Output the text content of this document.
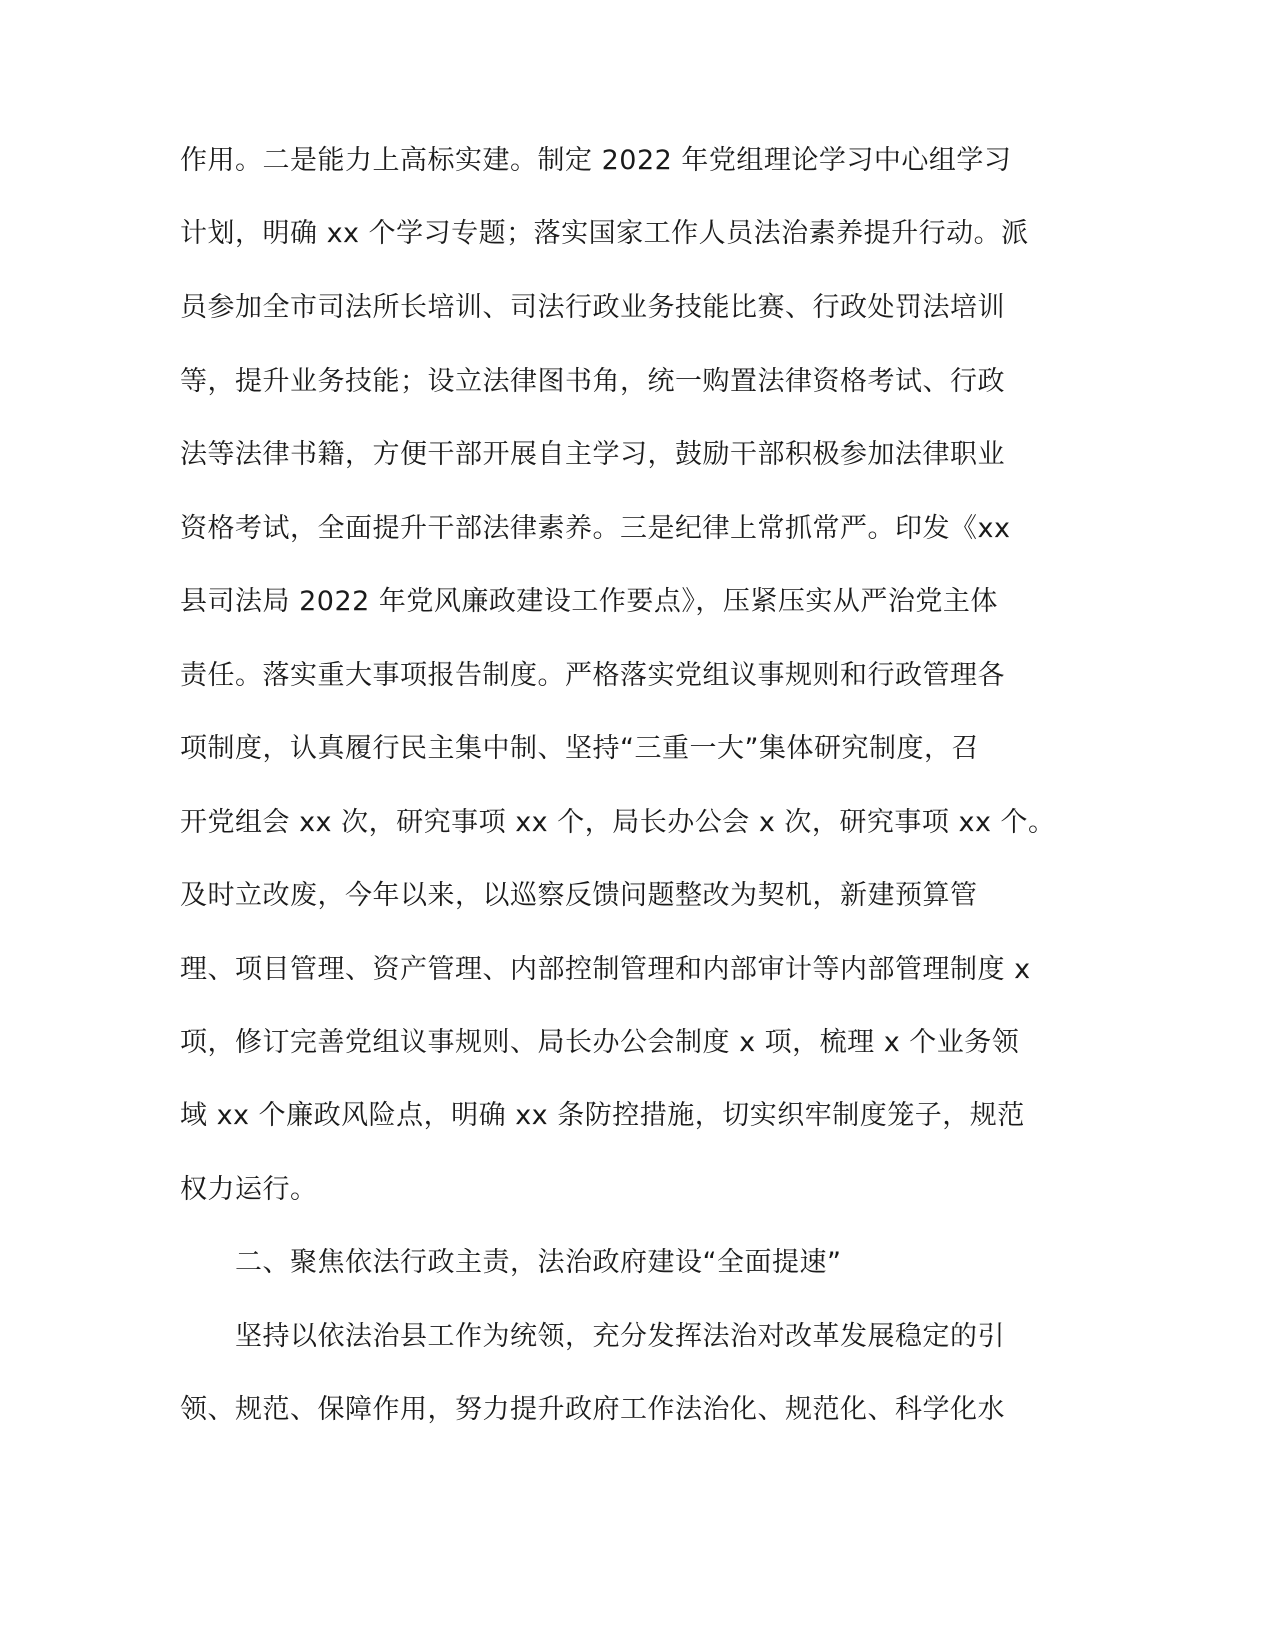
作用。二是能力上高标实建。制定 2022 年党组理论学习中心组学习
计划，明确 xx 个学习专题；落实国家工作人员法治素养提升行动。派
员参加全市司法所长培训、司法行政业务技能比赛、行政处罚法培训
等，提升业务技能；设立法律图书角，统一购置法律资格考试、行政
法等法律书籍，方便干部开展自主学习，鼓励干部积极参加法律职业
资格考试，全面提升干部法律素养。三是纪律上常抓常严。印发《xx
县司法局 2022 年党风廉政建设工作要点》，压紧压实从严治党主体
责任。落实重大事项报告制度。严格落实党组议事规则和行政管理各
项制度，认真履行民主集中制、坚持“三重一大”集体研究制度，召
开党组会 xx 次，研究事项 xx 个，局长办公会 x 次，研究事项 xx 个。
及时立改废，今年以来，以巡察反馈问题整改为契机，新建预算管
理、项目管理、资产管理、内部控制管理和内部审计等内部管理制度 x
项，修订完善党组议事规则、局长办公会制度 x 项，梳理 x 个业务领
域 xx 个廉政风险点，明确 xx 条防控措施，切实织牢制度笼子，规范
权力运行。
二、聚焦依法行政主责，法治政府建设“全面提速”
坚持以依法治县工作为统领，充分发挥法治对改革发展稳定的引
领、规范、保障作用，努力提升政府工作法治化、规范化、科学化水
